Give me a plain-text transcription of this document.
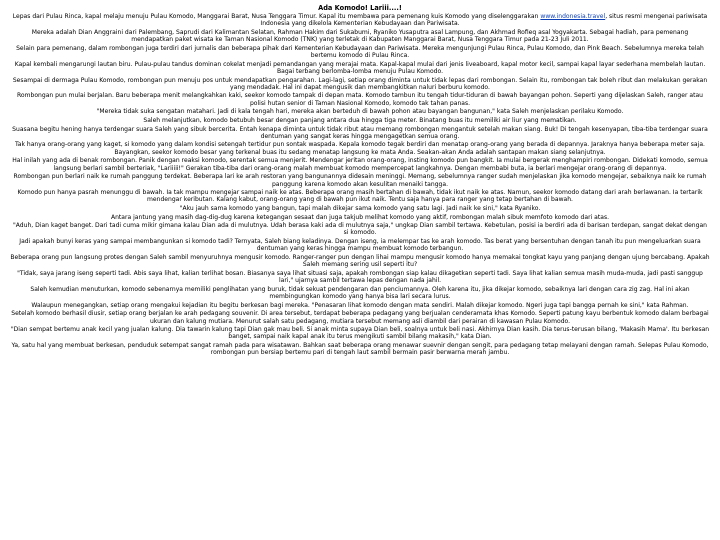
Ada Komodo! Lariii....!

Lepas dari Pulau Rinca, kapal melaju menuju Pulau Komodo, Manggarai Barat, Nusa Tenggara Timur. Kapal itu membawa para pemenang kuis Komodo yang diselenggarakan www.indonesia.travel, situs resmi mengenai pariwisata Indonesia yang dikelola Kementerian Kebudayaan dan Pariwisata.

Mereka adalah Dian Anggraini dari Palembang, Saprudi dari Kalimantan Selatan, Rahman Hakim dari Sukabumi, Ryaniko Yusaputra asal Lampung, dan Akhmad Rofieq asal Yogyakarta. Sebagai hadiah, para pemenang mendapatkan paket wisata ke Taman Nasional Komodo (TNK) yang terletak di Kabupaten Manggarai Barat, Nusa Tenggara Timur pada 21-23 Juli 2011.

Selain para pemenang, dalam rombongan juga terdiri dari jurnalis dan beberapa pihak dari Kementerian Kebudayaan dan Pariwisata. Mereka mengunjungi Pulau Rinca, Pulau Komodo, dan Pink Beach. Sebelumnya mereka telah bertemu komodo di Pulau Rinca.

Kapal kembali mengarungi lautan biru. Pulau-pulau tandus dominan cokelat menjadi pemandangan yang merajai mata. Kapal-kapal mulai dari jenis liveaboard, kapal motor kecil, sampai kapal layar sederhana membelah lautan. Bagai terbang berlomba-lomba menuju Pulau Komodo.

Sesampai di dermaga Pulau Komodo, rombongan pun menuju pos untuk mendapatkan pengarahan. Lagi-lagi, setiap orang diminta untuk tidak lepas dari rombongan. Selain itu, rombongan tak boleh ribut dan melakukan gerakan yang mendadak. Hal ini dapat mengusik dan membangkitkan naluri berburu komodo.

Rombongan pun mulai berjalan. Baru beberapa menit melangkahkan kaki, seekor komodo tampak di depan mata. Komodo tambun itu tengah tidur-tiduran di bawah bayangan pohon. Seperti yang dijelaskan Saleh, ranger atau polisi hutan senior di Taman Nasional Komodo, komodo tak tahan panas.

"Mereka tidak suka sengatan matahari. Jadi di kala tengah hari, mereka akan berteduh di bawah pohon atau bayangan bangunan," kata Saleh menjelaskan perilaku Komodo.

Saleh melanjutkan, komodo betubuh besar dengan panjang antara dua hingga tiga meter. Binatang buas itu memiliki air liur yang mematikan.

Suasana begitu hening hanya terdengar suara Saleh yang sibuk bercerita. Entah kenapa diminta untuk tidak ribut atau memang rombongan mengantuk setelah makan siang. Buk! Di tengah kesenyapan, tiba-tiba terdengar suara dentuman yang sangat keras hingga mengagetkan semua orang.

Tak hanya orang-orang yang kaget, si komodo yang dalam kondisi setengah tertidur pun sontak waspada. Kepala komodo tegak berdiri dan menatap orang-orang yang berada di depannya. Jaraknya hanya beberapa meter saja. Bayangkan, seekor komodo besar yang terkenal buas itu sedang menatap langsung ke mata Anda. Seakan-akan Anda adalah santapan makan siang selanjutnya.

Hal inilah yang ada di benak rombongan. Panik dengan reaksi komodo, serentak semua menjerit. Mendengar jeritan orang-orang, insting komodo pun bangkit. Ia mulai bergerak menghampiri rombongan. Didekati komodo, semua langsung berlari sambil berteriak, "Lariiiii!" Gerakan tiba-tiba dari orang-orang malah membuat komodo mempercepat langkahnya. Dengan membabi buta, ia berlari mengejar orang-orang di depannya.

Rombongan pun berlari naik ke rumah panggung terdekat. Beberapa lari ke arah restoran yang bangunannya didesain meninggi. Memang, sebelumnya ranger sudah menjelaskan jika komodo mengejar, sebaiknya naik ke rumah panggung karena komodo akan kesulitan menaiki tangga.

Komodo pun hanya pasrah menunggu di bawah. Ia tak mampu mengejar sampai naik ke atas. Beberapa orang masih bertahan di bawah, tidak ikut naik ke atas. Namun, seekor komodo datang dari arah berlawanan. Ia tertarik mendengar keributan. Kalang kabut, orang-orang yang di bawah pun ikut naik. Tentu saja hanya para ranger yang tetap bertahan di bawah.

"Aku jauh sama komodo yang bangun, tapi malah dikejar sama komodo yang satu lagi. Jadi naik ke sini," kata Ryaniko.

Antara jantung yang masih dag-dig-dug karena ketegangan sesaat dan juga takjub melihat komodo yang aktif, rombongan malah sibuk memfoto komodo dari atas.

"Aduh, Dian kaget banget. Dari tadi cuma mikir gimana kalau Dian ada di mulutnya. Udah berasa kaki ada di mulutnya saja," ungkap Dian sambil tertawa. Kebetulan, posisi ia berdiri ada di barisan terdepan, sangat dekat dengan si komodo.

Jadi apakah bunyi keras yang sampai membangunkan si komodo tadi? Ternyata, Saleh biang keladinya. Dengan iseng, ia melempar tas ke arah komodo. Tas berat yang bersentuhan dengan tanah itu pun mengeluarkan suara dentuman yang keras hingga mampu membuat komodo terbangun.

Beberapa orang pun langsung protes dengan Saleh sambil menyuruhnya mengusir komodo. Ranger-ranger pun dengan lihai mampu mengusir komodo hanya memakai tongkat kayu yang panjang dengan ujung bercabang. Apakah Saleh memang sering usil seperti itu?

"Tidak, saya jarang iseng seperti tadi. Abis saya lihat, kalian terlihat bosan. Biasanya saya lihat situasi saja, apakah rombongan siap kalau dikagetkan seperti tadi. Saya lihat kalian semua masih muda-muda, jadi pasti sanggup lari," ujarnya sambil tertawa lepas dengan nada jahil.

Saleh kemudian menuturkan, komodo sebenarnya memiliki penglihatan yang buruk, tidak sekuat pendengaran dan penciumannya. Oleh karena itu, jika dikejar komodo, sebaiknya lari dengan cara zig zag. Hal ini akan membingungkan komodo yang hanya bisa lari secara lurus.

Walaupun menegangkan, setiap orang mengakui kejadian itu begitu berkesan bagi mereka. "Penasaran lihat komodo dengan mata sendiri. Malah dikejar komodo. Ngeri juga tapi bangga pernah ke sini," kata Rahman.

Setelah komodo berhasil diusir, setiap orang berjalan ke arah pedagang souvenir. Di area tersebut, terdapat beberapa pedagang yang berjualan cenderamata khas Komodo. Seperti patung kayu berbentuk komodo dalam berbagai ukuran dan kalung mutiara. Menurut salah satu pedagang, mutiara tersebut memang asli diambil dari perairan di kawasan Pulau Komodo.

"Dian sempat bertemu anak kecil yang jualan kalung. Dia tawarin kalung tapi Dian gak mau beli. Si anak minta supaya Dian beli, soalnya untuk beli nasi. Akhirnya Dian kasih. Dia terus-terusan bilang, 'Makasih Mama'. Itu berkesan banget, sampai naik kapal anak itu terus mengikuti sambil bilang makasih," kata Dian.

Ya, satu hal yang membuat berkesan, penduduk setempat sangat ramah pada para wisatawan. Bahkan saat beberapa orang menawar suevnir dengan sengit, para pedagang tetap melayani dengan ramah. Selepas Pulau Komodo, rombongan pun bersiap bertemu pari di tengah laut sambil bermain pasir berwarna merah jambu.
